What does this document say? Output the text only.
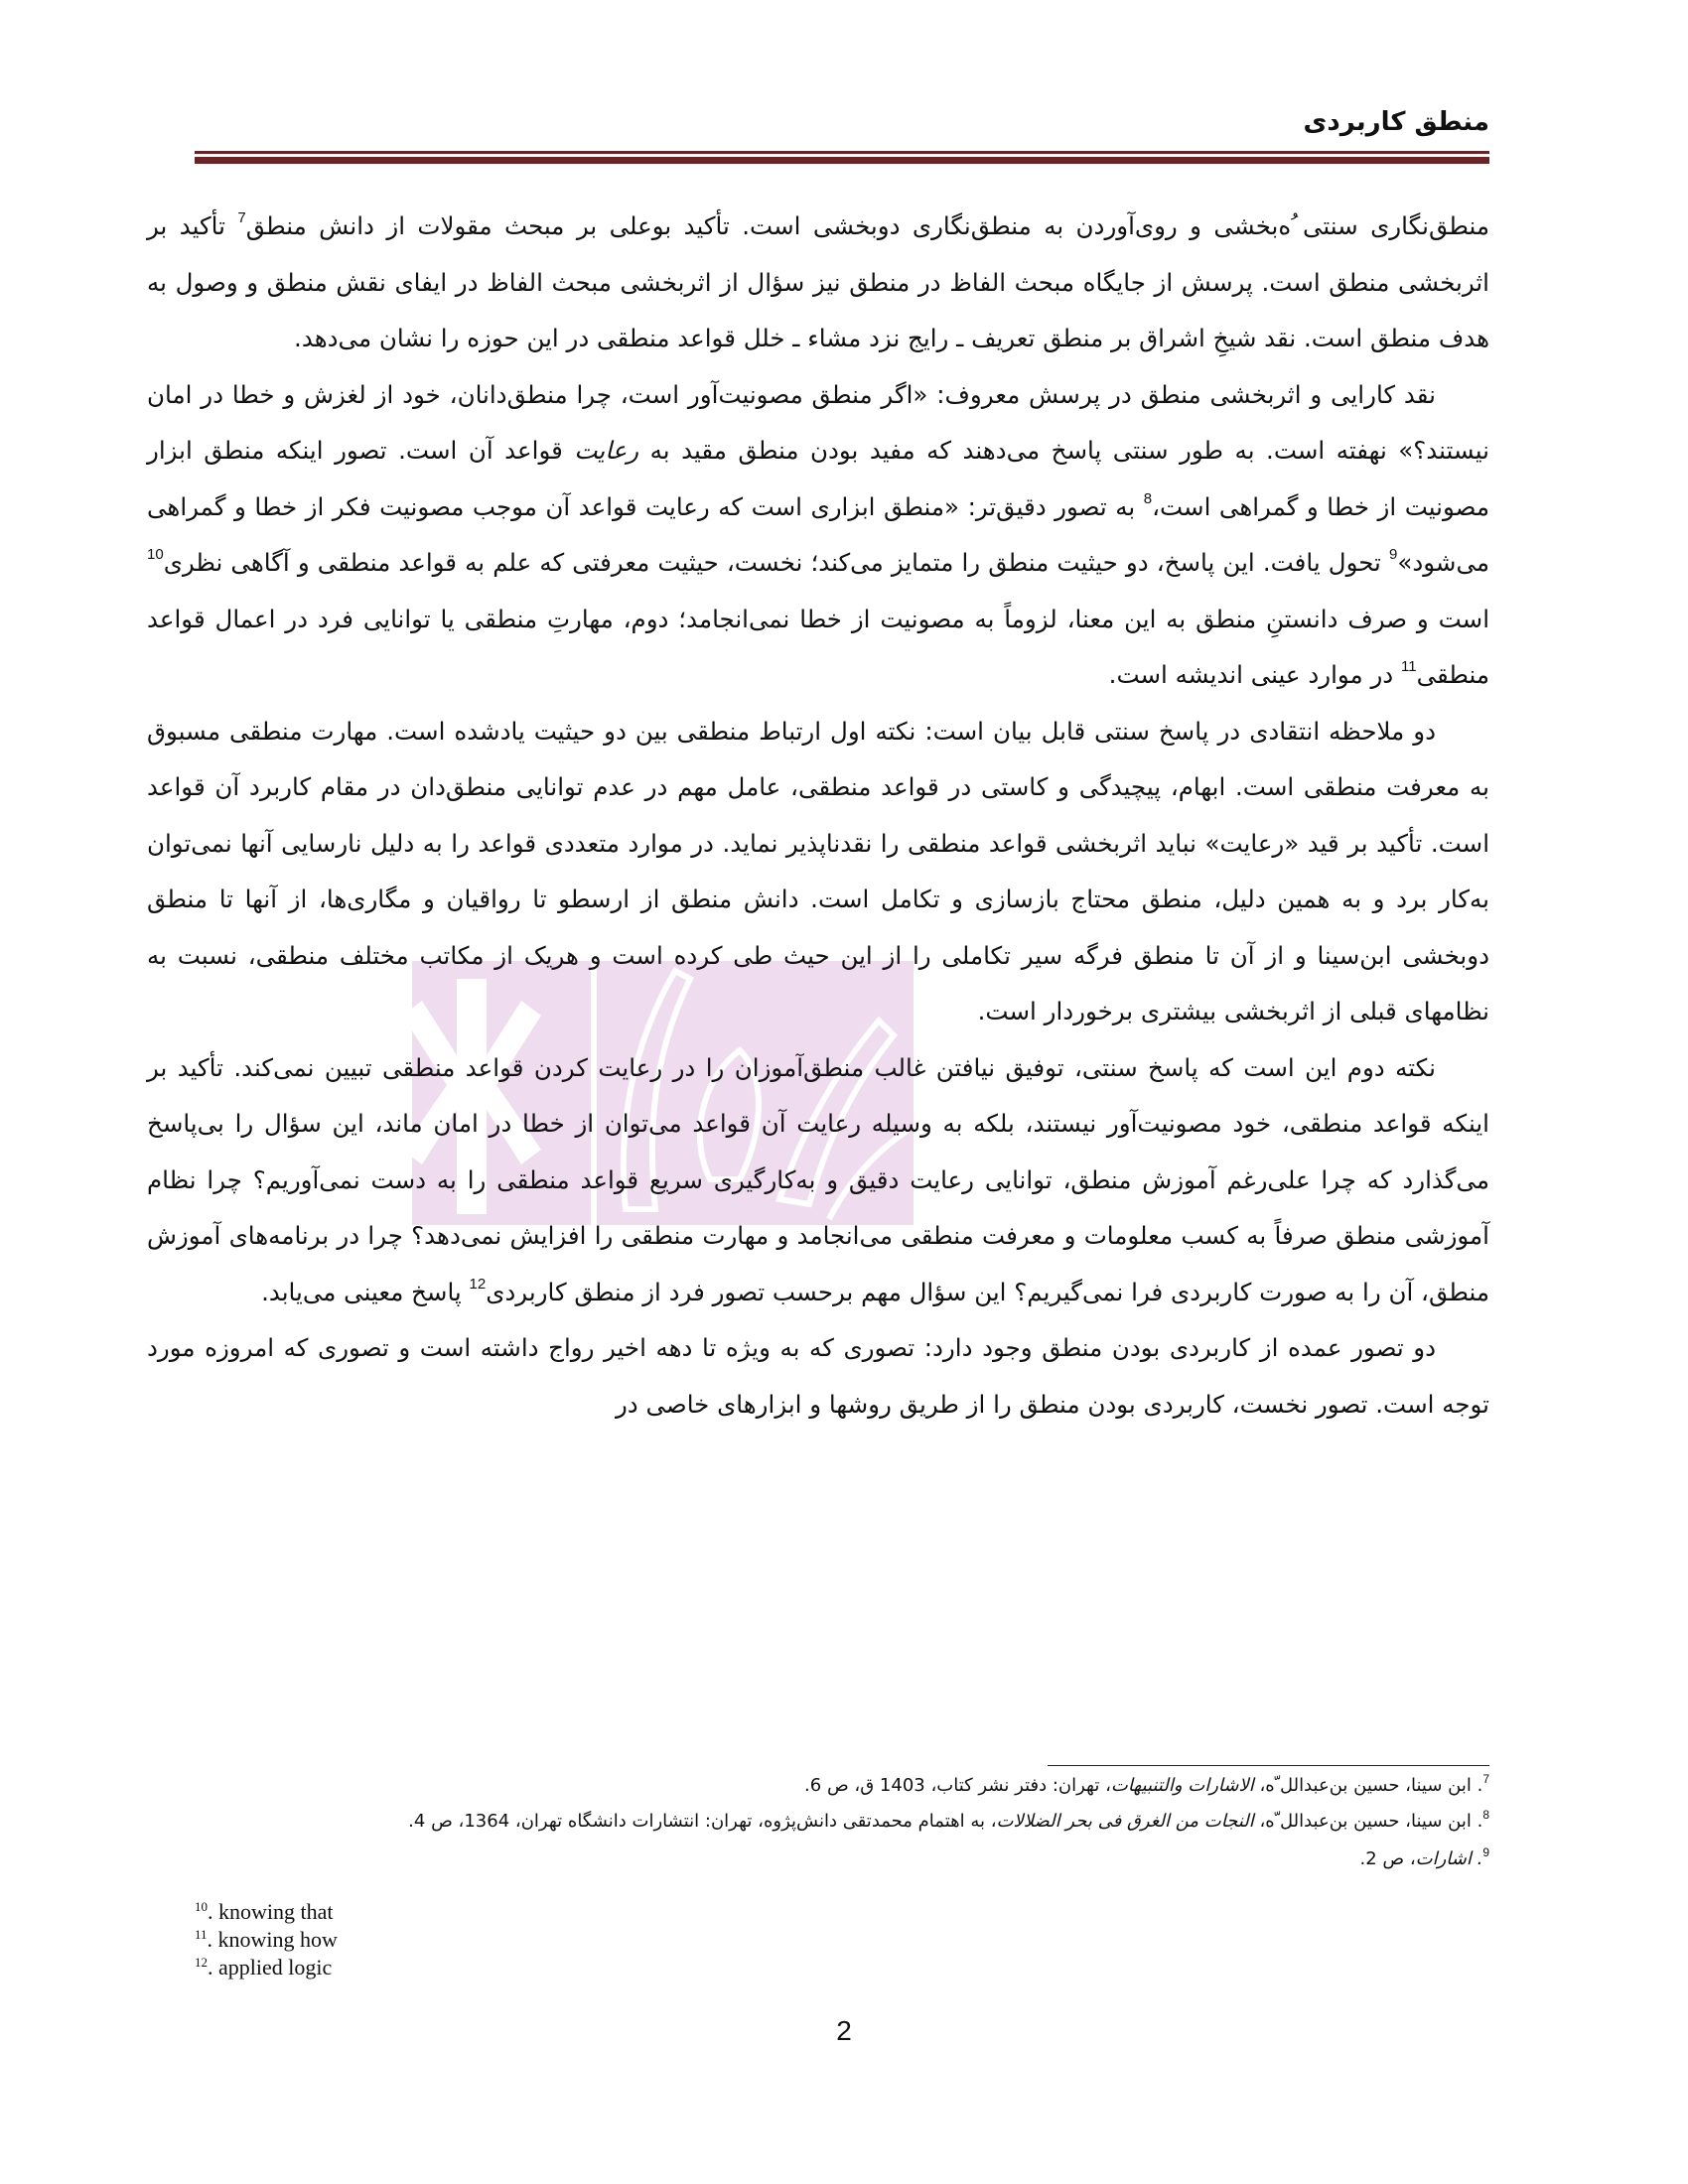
منطق کاربردی

منطق‌نگاری سنتی ُ‌ه‌بخشی و روی‌آوردن به منطق‌نگاری دوبخشی است. تأکید بوعلی بر مبحث مقولات از دانش منطق$^7$ تأکید بر اثربخشی منطق است. پرسش از جایگاه مبحث الفاظ در منطق نیز سؤال از اثربخشی مبحث الفاظ در ایفای نقش منطق و وصول به هدف منطق است. نقد شیخِ اشراق بر منطق تعریف ـ رایج نزد مشاء ـ خلل قواعد منطقی در این حوزه را نشان می‌دهد.

نقد کارایی و اثربخشی منطق در پرسش معروف: «اگر منطق مصونیت‌آور است، چرا منطق‌دانان، خود از لغزش و خطا در امان نیستند؟» نهفته است. به طور سنتی پاسخ می‌دهند که مفید بودن منطق مقید به رعایت قواعد آن است. تصور اینکه منطق ابزار مصونیت از خطا و گمراهی است،$^8$ به تصور دقیق‌تر: «منطق ابزاری است که رعایت قواعد آن موجب مصونیت فکر از خطا و گمراهی می‌شود»$^9$ تحول یافت. این پاسخ، دو حیثیت منطق را متمایز می‌کند؛ نخست، حیثیت معرفتی که علم به قواعد منطقی و آگاهی نظری$^{10}$ است و صرف دانستنِ منطق به این معنا، لزوماً به مصونیت از خطا نمی‌انجامد؛ دوم، مهارتِ منطقی یا توانایی فرد در اعمال قواعد منطقی$^{11}$ در موارد عینی اندیشه است.

دو ملاحظه انتقادی در پاسخ سنتی قابل بیان است: نکته اول ارتباط منطقی بین دو حیثیت یادشده است. مهارت منطقی مسبوق به معرفت منطقی است. ابهام، پیچیدگی و کاستی در قواعد منطقی، عامل مهم در عدم توانایی منطق‌دان در مقام کاربرد آن قواعد است. تأکید بر قید «رعایت» نباید اثربخشی قواعد منطقی را نقدناپذیر نماید. در موارد متعددی قواعد را به دلیل نارسایی آنها نمی‌توان به‌کار برد و به همین دلیل، منطق محتاج بازسازی و تکامل است. دانش منطق از ارسطو تا رواقیان و مگاری‌ها، از آنها تا منطق دوبخشی ابن‌سینا و از آن تا منطق فرگه سیر تکاملی را از این حیث طی کرده است و هریک از مکاتب مختلف منطقی، نسبت به نظامهای قبلی از اثربخشی بیشتری برخوردار است.

نکته دوم این است که پاسخ سنتی، توفیق نیافتن غالب منطق‌آموزان را در رعایت کردن قواعد منطقی تبیین نمی‌کند. تأکید بر اینکه قواعد منطقی، خود مصونیت‌آور نیستند، بلکه به وسیله رعایت آن قواعد می‌توان از خطا در امان ماند، این سؤال را بی‌پاسخ می‌گذارد که چرا علی‌رغم آموزش منطق، توانایی رعایت دقیق و به‌کارگیری سریع قواعد منطقی را به دست نمی‌آوریم؟ چرا نظام آموزشی منطق صرفاً به کسب معلومات و معرفت منطقی می‌انجامد و مهارت منطقی را افزایش نمی‌دهد؟ چرا در برنامه‌های آموزش منطق، آن را به صورت کاربردی فرا نمی‌گیریم؟ این سؤال مهم برحسب تصور فرد از منطق کاربردی$^{12}$ پاسخ معینی می‌یابد.

دو تصور عمده از کاربردی بودن منطق وجود دارد: تصوری که به ویژه تا دهه اخیر رواج داشته است و تصوری که امروزه مورد توجه است. تصور نخست، کاربردی بودن منطق را از طریق روشها و ابزارهای خاصی در

$^7$. ابن سینا، حسین بن‌عبدالل ّه، الاشارات والتنبیهات، تهران: دفتر نشر کتاب، 1403 ق، ص 6.
$^8$. ابن سینا، حسین بن‌عبدالل ّه، النجات من الغرق فی بحر الضلالات، به اهتمام محمدتقی دانش‌پژوه، تهران: انتشارات دانشگاه تهران، 1364، ص 4.
$^9$. اشارات، ص 2.
$^{10}$. knowing that
$^{11}$. knowing how
$^{12}$. applied logic
2
